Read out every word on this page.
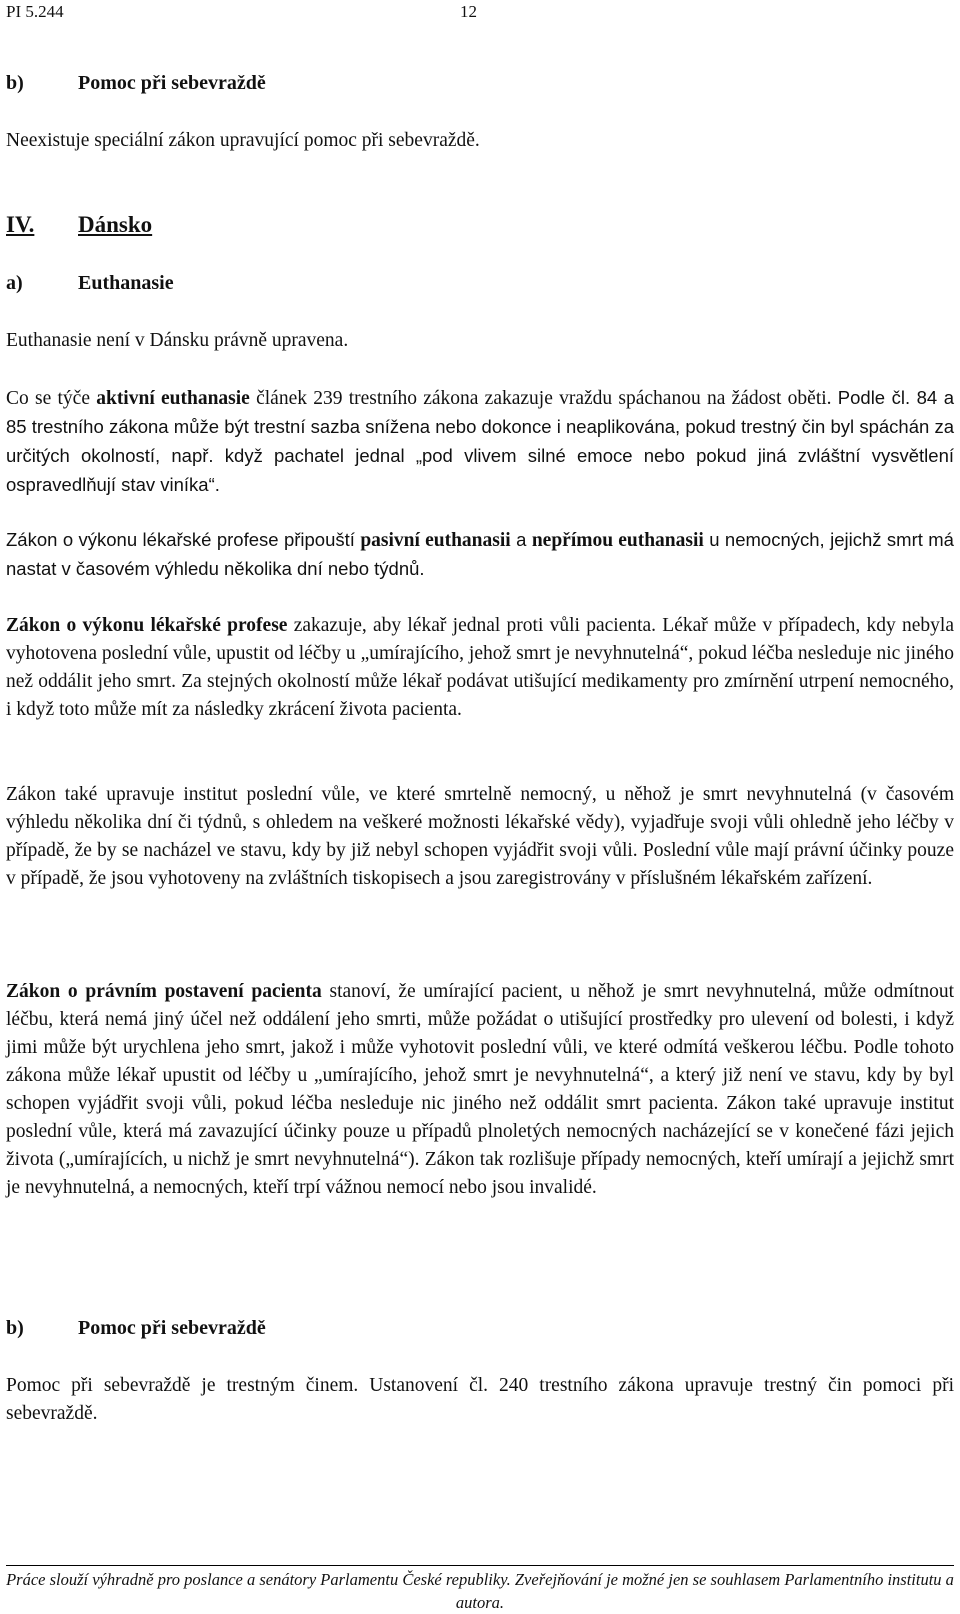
PI 5.244	12
b)	Pomoc při sebevraždě
Neexistuje speciální zákon upravující pomoc při sebevraždě.
IV. Dánsko
a)	Euthanasie
Euthanasie není v Dánsku právně upravena.
Co se týče aktivní euthanasie článek 239 trestního zákona zakazuje vraždu spáchanou na žádost oběti. Podle čl. 84 a 85 trestního zákona může být trestní sazba snížena nebo dokonce i neaplikována, pokud trestný čin byl spáchán za určitých okolností, např. když pachatel jednal „pod vlivem silné emoce nebo pokud jiná zvláštní vysvětlení ospravedlňují stav viníka“.
Zákon o výkonu lékařské profese připouští pasivní euthanasii a nepřímou euthanasii u nemocných, jejichž smrt má nastat v časovém výhledu několika dní nebo týdnů.
Zákon o výkonu lékařské profese zakazuje, aby lékař jednal proti vůli pacienta. Lékař může v případech, kdy nebyla vyhotovena poslední vůle, upustit od léčby u „umírajícího, jehož smrt je nevyhnutelná“, pokud léčba nesleduje nic jiného než oddálit jeho smrt. Za stejných okolností může lékař podávat utišující medikamenty pro zmírnění utrpení nemocného, i když toto může mít za následky zkrácení života pacienta.
Zákon také upravuje institut poslední vůle, ve které smrtelně nemocný, u něhož je smrt nevyhnutelná (v časovém výhledu několika dní či týdnů, s ohledem na veškeré možnosti lékařské vědy), vyjadřuje svoji vůli ohledně jeho léčby v případě, že by se nacházel ve stavu, kdy by již nebyl schopen vyjádřit svoji vůli. Poslední vůle mají právní účinky pouze v případě, že jsou vyhotoveny na zvláštních tiskopisech a jsou zaregistrovány v příslušném lékařském zařízení.
Zákon o právním postavení pacienta stanoví, že umírající pacient, u něhož je smrt nevyhnutelná, může odmítnout léčbu, která nemá jiný účel než oddálení jeho smrti, může požádat o utišující prostředky pro ulevení od bolesti, i když jimi může být urychlena jeho smrt, jakož i může vyhotovit poslední vůli, ve které odmítá veškerou léčbu. Podle tohoto zákona může lékař upustit od léčby u „umírajícího, jehož smrt je nevyhnutelná“, a který již není ve stavu, kdy by byl schopen vyjádřit svoji vůli, pokud léčba nesleduje nic jiného než oddálit smrt pacienta. Zákon také upravuje institut poslední vůle, která má zavazující účinky pouze u případů plnoletých nemocných nacházející se v konečené fázi jejich života („umírajících, u nichž je smrt nevyhnutelná“). Zákon tak rozlišuje případy nemocných, kteří umírají a jejichž smrt je nevyhnutelná, a nemocných, kteří trpí vážnou nemocí nebo jsou invalidé.
b)	Pomoc při sebevraždě
Pomoc při sebevraždě je trestným činem. Ustanovení čl. 240 trestního zákona upravuje trestný čin pomoci při sebevraždě.
Práce slouží výhradně pro poslance a senátory Parlamentu České republiky. Zveřejňování je možné jen se souhlasem Parlamentního institutu a autora.
